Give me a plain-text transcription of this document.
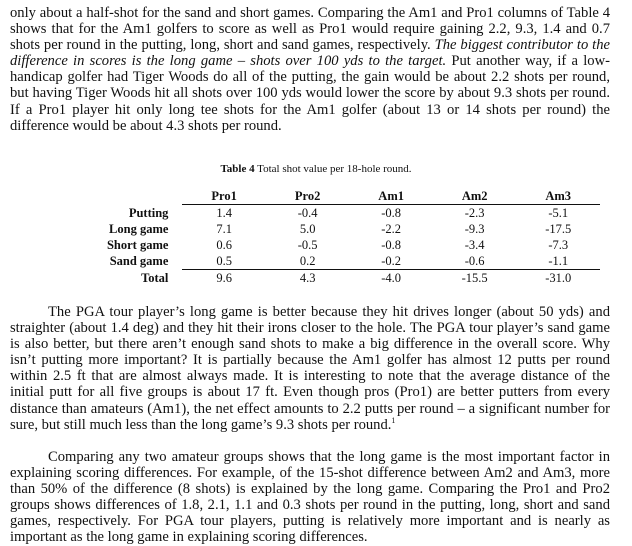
only about a half-shot for the sand and short games. Comparing the Am1 and Pro1 columns of Table 4 shows that for the Am1 golfers to score as well as Pro1 would require gaining 2.2, 9.3, 1.4 and 0.7 shots per round in the putting, long, short and sand games, respectively. The biggest contributor to the difference in scores is the long game – shots over 100 yds to the target. Put another way, if a low-handicap golfer had Tiger Woods do all of the putting, the gain would be about 2.2 shots per round, but having Tiger Woods hit all shots over 100 yds would lower the score by about 9.3 shots per round. If a Pro1 player hit only long tee shots for the Am1 golfer (about 13 or 14 shots per round) the difference would be about 4.3 shots per round.

Table 4 Total shot value per 18-hole round.
	Pro1	Pro2	Am1	Am2	Am3
Putting	1.4	-0.4	-0.8	-2.3	-5.1
Long game	7.1	5.0	-2.2	-9.3	-17.5
Short game	0.6	-0.5	-0.8	-3.4	-7.3
Sand game	0.5	0.2	-0.2	-0.6	-1.1
Total	9.6	4.3	-4.0	-15.5	-31.0

The PGA tour player’s long game is better because they hit drives longer (about 50 yds) and straighter (about 1.4 deg) and they hit their irons closer to the hole. The PGA tour player’s sand game is also better, but there aren’t enough sand shots to make a big difference in the overall score. Why isn’t putting more important? It is partially because the Am1 golfer has almost 12 putts per round within 2.5 ft that are almost always made. It is interesting to note that the average distance of the initial putt for all five groups is about 17 ft. Even though pros (Pro1) are better putters from every distance than amateurs (Am1), the net effect amounts to 2.2 putts per round – a significant number for sure, but still much less than the long game’s 9.3 shots per round.$^1$

Comparing any two amateur groups shows that the long game is the most important factor in explaining scoring differences. For example, of the 15-shot difference between Am2 and Am3, more than 50% of the difference (8 shots) is explained by the long game. Comparing the Pro1 and Pro2 groups shows differences of 1.8, 2.1, 1.1 and 0.3 shots per round in the putting, long, short and sand games, respectively. For PGA tour players, putting is relatively more important and is nearly as important as the long game in explaining scoring differences.
